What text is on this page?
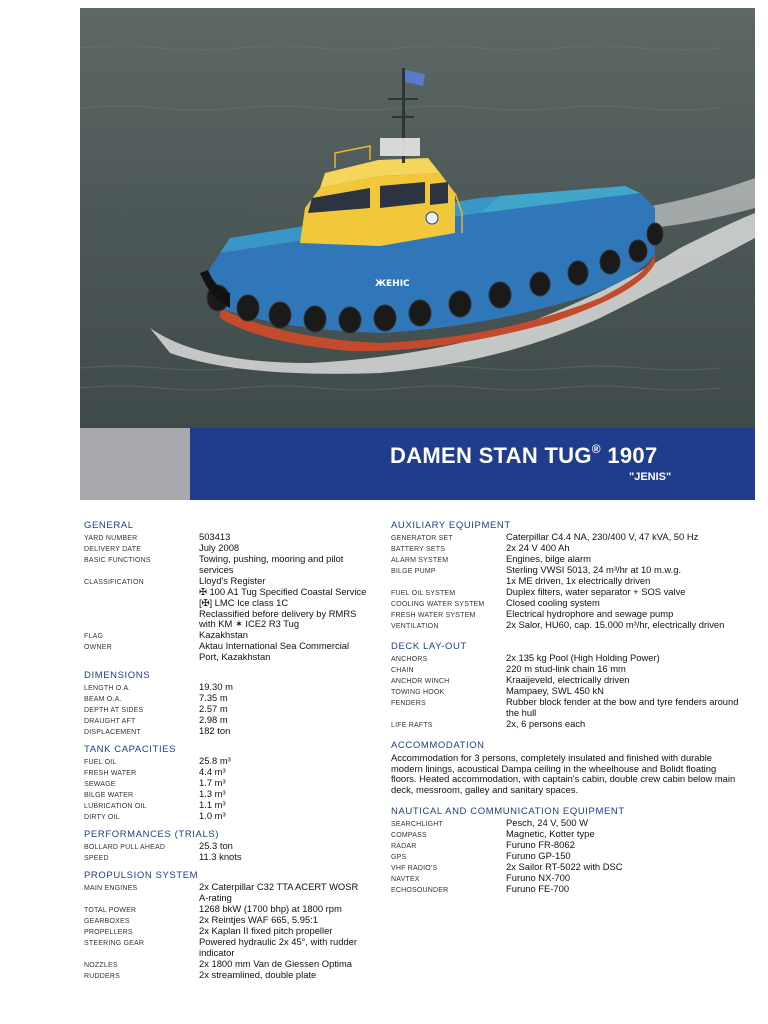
ЖЕНІС
DAMEN STAN TUG® 1907
"JENIS"
GENERAL
YARD NUMBER	503413
DELIVERY DATE	July 2008
BASIC FUNCTIONS	Towing, pushing, mooring and pilot services
CLASSIFICATION	Lloyd's Register
✠ 100 A1 Tug Specified Coastal Service [✠] LMC Ice class 1C
Reclassified before delivery by RMRS with KM ✶ ICE2 R3 Tug
FLAG	Kazakhstan
OWNER	Aktau International Sea Commercial Port, Kazakhstan
DIMENSIONS
LENGTH O.A.	19.30 m
BEAM O.A.	7.35 m
DEPTH AT SIDES	2.57 m
DRAUGHT AFT	2.98 m
DISPLACEMENT	182 ton
TANK CAPACITIES
FUEL OIL	25.8 m³
FRESH WATER	4.4 m³
SEWAGE	1.7 m³
BILGE WATER	1.3 m³
LUBRICATION OIL	1.1 m³
DIRTY OIL	1.0 m³
PERFORMANCES (TRIALS)
BOLLARD PULL AHEAD	25.3 ton
SPEED	11.3 knots
PROPULSION SYSTEM
MAIN ENGINES	2x Caterpillar C32 TTA ACERT WOSR A-rating
TOTAL POWER	1268 bkW (1700 bhp) at 1800 rpm
GEARBOXES	2x Reintjes WAF 665, 5.95:1
PROPELLERS	2x Kaplan II fixed pitch propeller
STEERING GEAR	Powered hydraulic 2x 45°, with rudder indicator
NOZZLES	2x 1800 mm Van de Giessen Optima
RUDDERS	2x streamlined, double plate
AUXILIARY EQUIPMENT
GENERATOR SET	Caterpillar C4.4 NA, 230/400 V, 47 kVA, 50 Hz
BATTERY SETS	2x 24 V 400 Ah
ALARM SYSTEM	Engines, bilge alarm
BILGE PUMP	Sterling VWSI 5013, 24 m³/hr at 10 m.w.g.
1x ME driven, 1x electrically driven
FUEL OIL SYSTEM	Duplex filters, water separator + SOS valve
COOLING WATER SYSTEM	Closed cooling system
FRESH WATER SYSTEM	Electrical hydrophore and sewage pump
VENTILATION	2x Salor, HU60, cap. 15.000 m³/hr, electrically driven
DECK LAY-OUT
ANCHORS	2x 135 kg Pool (High Holding Power)
CHAIN	220 m stud-link chain 16 mm
ANCHOR WINCH	Kraaijeveld, electrically driven
TOWING HOOK	Mampaey, SWL 450 kN
FENDERS	Rubber block fender at the bow and tyre fenders around the hull
LIFE RAFTS	2x, 6 persons each
ACCOMMODATION

Accommodation for 3 persons, completely insulated and finished with durable modern linings, acoustical Dampa ceiling in the wheelhouse and Bolidt floating floors. Heated accommodation, with captain's cabin, double crew cabin below main deck, messroom, galley and sanitary spaces.

NAUTICAL AND COMMUNICATION EQUIPMENT
SEARCHLIGHT	Pesch, 24 V, 500 W
COMPASS	Magnetic, Kotter type
RADAR	Furuno FR-8062
GPS	Furuno GP-150
VHF RADIO'S	2x Sailor RT-5022 with DSC
NAVTEX	Furuno NX-700
ECHOSOUNDER	Furuno FE-700
